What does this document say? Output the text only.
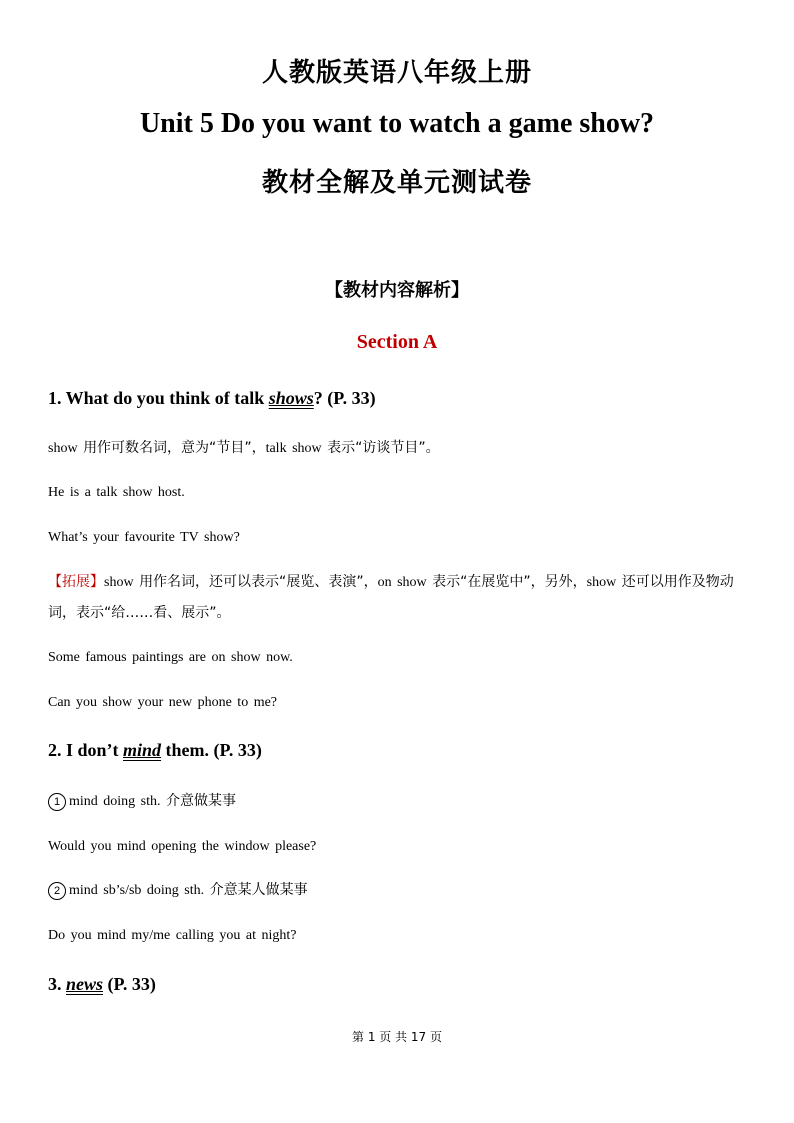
人教版英语八年级上册
Unit 5 Do you want to watch a game show?
教材全解及单元测试卷
【教材内容解析】
Section A
1. What do you think of talk shows? (P. 33)
show 用作可数名词，意为“节目”，talk show 表示“访谈节目”。
He is a talk show host.
What’s your favourite TV show?
【拓展】show 用作名词，还可以表示“展览、表演”，on show 表示“在展览中”，另外，show 还可以用作及物动词，表示“给……看、展示”。
Some famous paintings are on show now.
Can you show your new phone to me?
2. I don’t mind them. (P. 33)
1 mind doing sth. 介意做某事
Would you mind opening the window please?
2 mind sb’s/sb doing sth. 介意某人做某事
Do you mind my/me calling you at night?
3. news (P. 33)
第 1 页 共 17 页
